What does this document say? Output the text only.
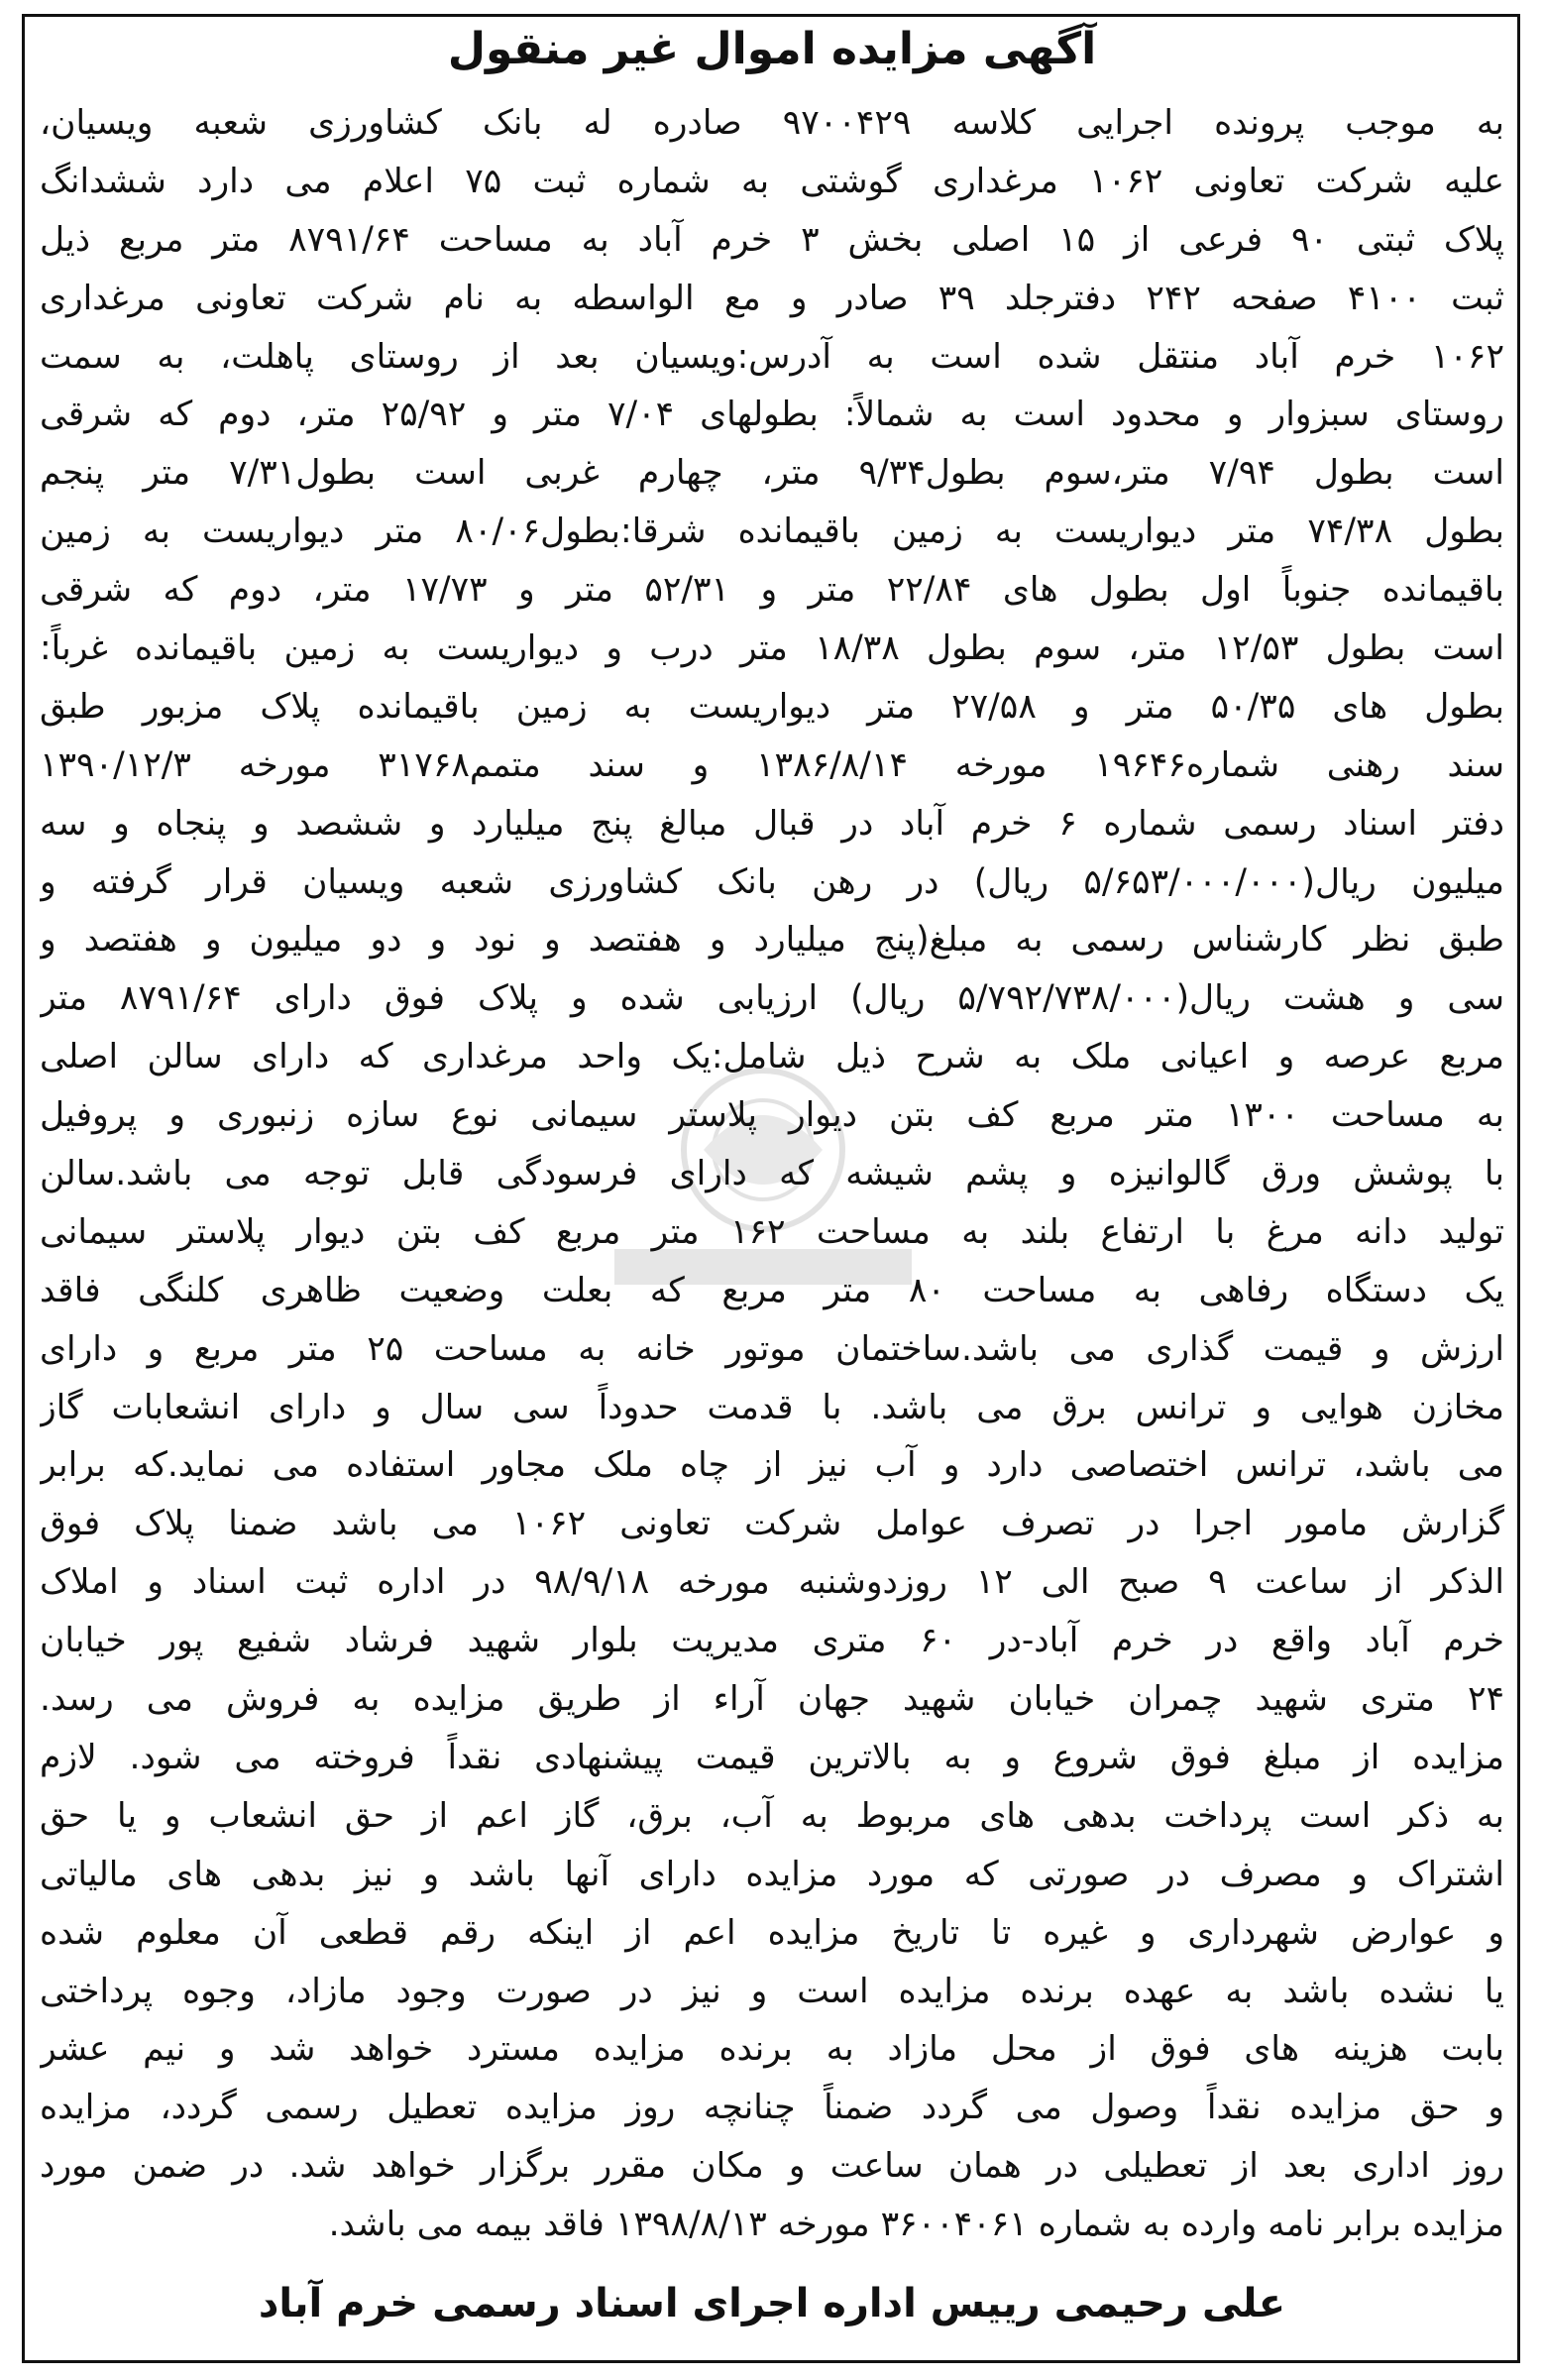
آگهی مزایده اموال غیر منقول
به موجب پرونده اجرایی کلاسه ۹۷۰۰۴۲۹ صادره له بانک کشاورزی شعبه ویسیان،
علیه شرکت تعاونی ۱۰۶۲ مرغداری گوشتی به شماره ثبت ۷۵ اعلام می دارد ششدانگ
پلاک ثبتی ۹۰ فرعی از ۱۵ اصلی بخش ۳ خرم آباد به مساحت ۸۷۹۱/۶۴ متر مربع ذیل
ثبت ۴۱۰۰ صفحه ۲۴۲ دفترجلد ۳۹ صادر و مع الواسطه به نام شرکت تعاونی مرغداری
۱۰۶۲ خرم آباد منتقل شده است به آدرس:ویسیان بعد از روستای پاهلت، به سمت
روستای سبزوار و محدود است به شمالاً: بطولهای ۷/۰۴ متر و ۲۵/۹۲ متر، دوم که شرقی
است بطول ۷/۹۴ متر،سوم بطول۹/۳۴ متر، چهارم غربی است بطول۷/۳۱ متر پنجم
بطول ۷۴/۳۸ متر دیواریست به زمین باقیمانده شرقا:بطول۸۰/۰۶ متر دیواریست به زمین
باقیمانده جنوباً اول بطول های ۲۲/۸۴ متر و ۵۲/۳۱ متر و ۱۷/۷۳ متر، دوم که شرقی
است بطول ۱۲/۵۳ متر، سوم بطول ۱۸/۳۸ متر درب و دیواریست به زمین باقیمانده غرباً:
بطول های ۵۰/۳۵ متر و ۲۷/۵۸ متر دیواریست به زمین باقیمانده پلاک مزبور طبق
سند رهنی شماره۱۹۶۴۶ مورخه ۱۳۸۶/۸/۱۴ و سند متمم۳۱۷۶۸ مورخه ۱۳۹۰/۱۲/۳
دفتر اسناد رسمی شماره ۶ خرم آباد در قبال مبالغ پنج میلیارد و ششصد و پنجاه و سه
میلیون ریال(۵/۶۵۳/۰۰۰/۰۰۰ ریال) در رهن بانک کشاورزی شعبه ویسیان قرار گرفته و
طبق نظر کارشناس رسمی به مبلغ(پنج میلیارد و هفتصد و نود و دو میلیون و هفتصد و
سی و هشت ریال(۵/۷۹۲/۷۳۸/۰۰۰ ریال) ارزیابی شده و پلاک فوق دارای ۸۷۹۱/۶۴ متر
مربع عرصه و اعیانی ملک به شرح ذیل شامل:یک واحد مرغداری که دارای سالن اصلی
به مساحت ۱۳۰۰ متر مربع کف بتن دیوار پلاستر سیمانی نوع سازه زنبوری و پروفیل
با پوشش ورق گالوانیزه و پشم شیشه که دارای فرسودگی قابل توجه می باشد.سالن
تولید دانه مرغ با ارتفاع بلند به مساحت ۱۶۲ متر مربع کف بتن دیوار پلاستر سیمانی
یک دستگاه رفاهی به مساحت ۸۰ متر مربع که بعلت وضعیت ظاهری کلنگی فاقد
ارزش و قیمت گذاری می باشد.ساختمان موتور خانه به مساحت ۲۵ متر مربع و دارای
مخازن هوایی و ترانس برق می باشد. با قدمت حدوداً سی سال و دارای انشعابات گاز
می باشد، ترانس اختصاصی دارد و آب نیز از چاه ملک مجاور استفاده می نماید.که برابر
گزارش مامور اجرا در تصرف عوامل شرکت تعاونی ۱۰۶۲ می باشد ضمنا پلاک فوق
الذکر از ساعت ۹ صبح الی ۱۲ روزدوشنبه مورخه ۹۸/۹/۱۸ در اداره ثبت اسناد و املاک
خرم آباد واقع در خرم آباد-در ۶۰ متری مدیریت بلوار شهید فرشاد شفیع پور خیابان
۲۴ متری شهید چمران خیابان شهید جهان آراء از طریق مزایده به فروش می رسد.
مزایده از مبلغ فوق شروع و به بالاترین قیمت پیشنهادی نقداً فروخته می شود. لازم
به ذکر است پرداخت بدهی های مربوط به آب، برق، گاز اعم از حق انشعاب و یا حق
اشتراک و مصرف در صورتی که مورد مزایده دارای آنها باشد و نیز بدهی های مالیاتی
و عوارض شهرداری و غیره تا تاریخ مزایده اعم از اینکه رقم قطعی آن معلوم شده
یا نشده باشد به عهده برنده مزایده است و نیز در صورت وجود مازاد، وجوه پرداختی
بابت هزینه های فوق از محل مازاد به برنده مزایده مسترد خواهد شد و نیم عشر
و حق مزایده نقداً وصول می گردد ضمناً چنانچه روز مزایده تعطیل رسمی گردد، مزایده
روز اداری بعد از تعطیلی در همان ساعت و مکان مقرر برگزار خواهد شد. در ضمن مورد
مزایده برابر نامه وارده به شماره ۳۶۰۰۴۰۶۱ مورخه ۱۳۹۸/۸/۱۳ فاقد بیمه می باشد.
علی رحیمی رییس اداره اجرای اسناد رسمی خرم آباد
